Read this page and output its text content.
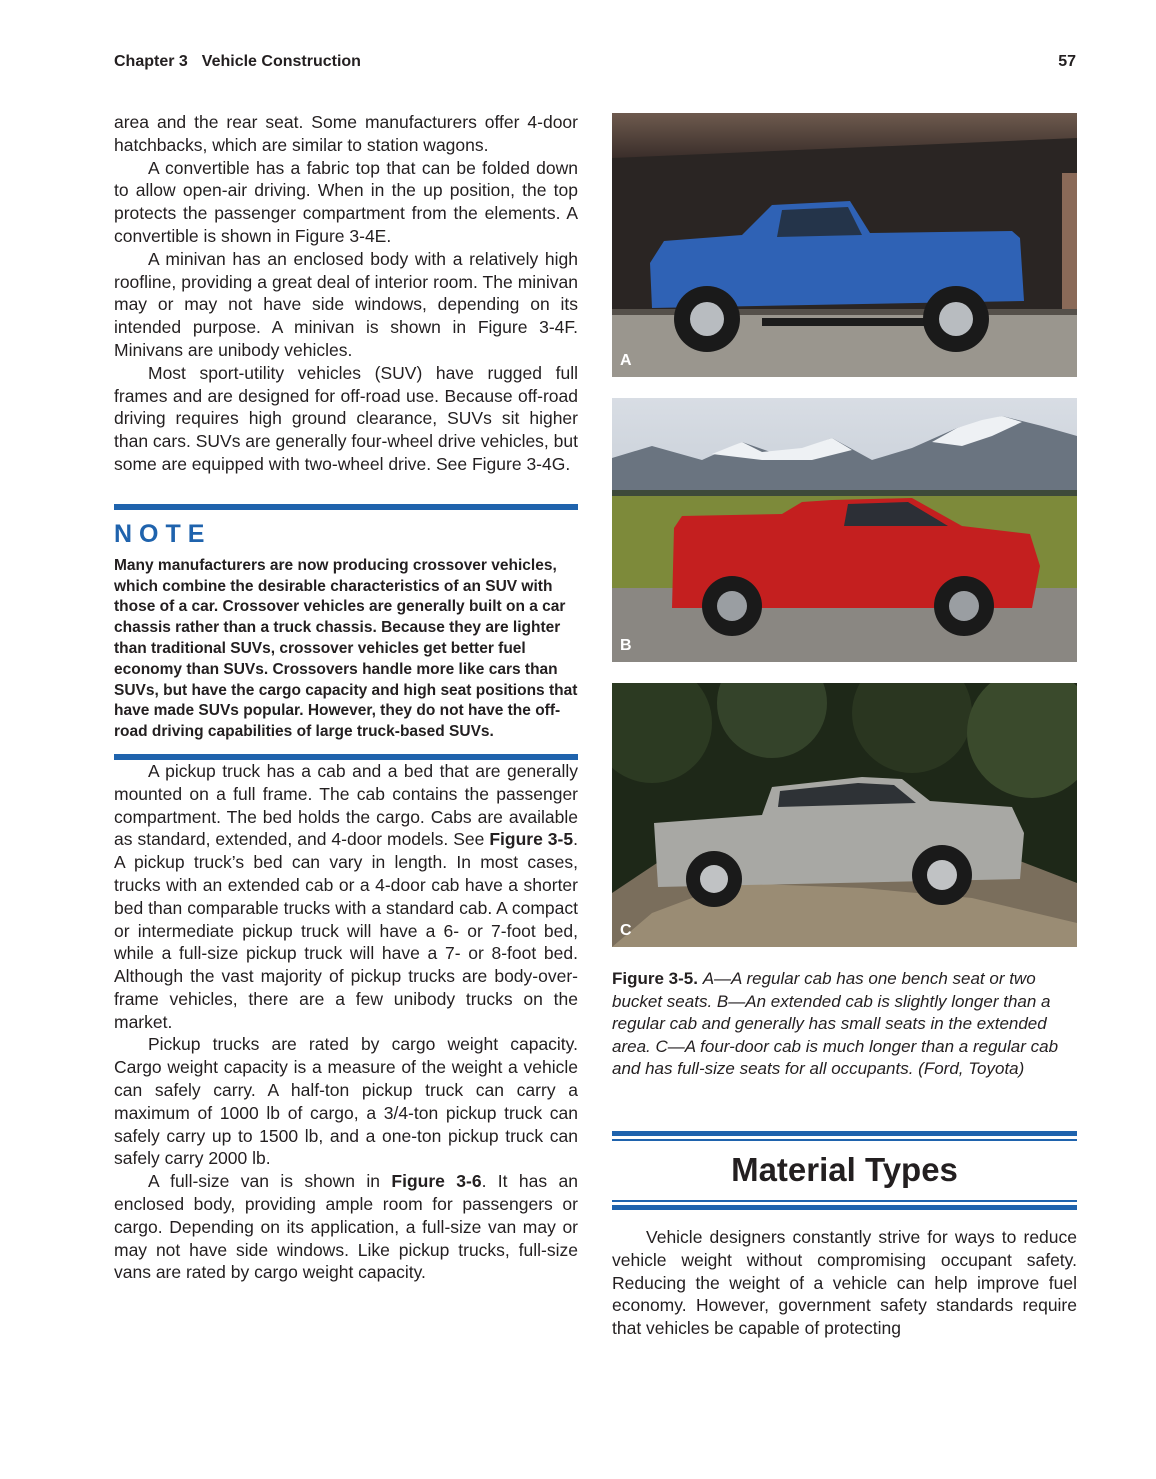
Chapter 3 Vehicle Construction	57

area and the rear seat. Some manufacturers offer 4-door hatchbacks, which are similar to station wagons.

A convertible has a fabric top that can be folded down to allow open-air driving. When in the up position, the top protects the passenger compartment from the elements. A convertible is shown in Figure 3-4E.

A minivan has an enclosed body with a relatively high roofline, providing a great deal of interior room. The minivan may or may not have side windows, depending on its intended purpose. A minivan is shown in Figure 3-4F. Minivans are unibody vehicles.

Most sport-utility vehicles (SUV) have rugged full frames and are designed for off-road use. Because off-road driving requires high ground clearance, SUVs sit higher than cars. SUVs are generally four-wheel drive vehicles, but some are equipped with two-wheel drive. See Figure 3-4G.

NOTE

Many manufacturers are now producing crossover vehicles, which combine the desirable characteristics of an SUV with those of a car. Crossover vehicles are generally built on a car chassis rather than a truck chassis. Because they are lighter than traditional SUVs, crossover vehicles get better fuel economy than SUVs. Crossovers handle more like cars than SUVs, but have the cargo capacity and high seat positions that have made SUVs popular. However, they do not have the off-road driving capabilities of large truck-based SUVs.

A pickup truck has a cab and a bed that are generally mounted on a full frame. The cab contains the passenger compartment. The bed holds the cargo. Cabs are available as standard, extended, and 4-door models. See Figure 3-5. A pickup truck’s bed can vary in length. In most cases, trucks with an extended cab or a 4-door cab have a shorter bed than comparable trucks with a standard cab. A compact or intermediate pickup truck will have a 6- or 7-foot bed, while a full-size pickup truck will have a 7- or 8-foot bed. Although the vast majority of pickup trucks are body-over-frame vehicles, there are a few unibody trucks on the market.

Pickup trucks are rated by cargo weight capacity. Cargo weight capacity is a measure of the weight a vehicle can safely carry. A half-ton pickup truck can carry a maximum of 1000 lb of cargo, a 3/4-ton pickup truck can safely carry up to 1500 lb, and a one-ton pickup truck can safely carry 2000 lb.

A full-size van is shown in Figure 3-6. It has an enclosed body, providing ample room for passengers or cargo. Depending on its application, a full-size van may or may not have side windows. Like pickup trucks, full-size vans are rated by cargo weight capacity.

A
B
C
Figure 3-5. A—A regular cab has one bench seat or two bucket seats. B—An extended cab is slightly longer than a regular cab and generally has small seats in the extended area. C—A four-door cab is much longer than a regular cab and has full-size seats for all occupants. (Ford, Toyota)
Material Types

Vehicle designers constantly strive for ways to reduce vehicle weight without compromising occupant safety. Reducing the weight of a vehicle can help improve fuel economy. However, government safety standards require that vehicles be capable of protecting
